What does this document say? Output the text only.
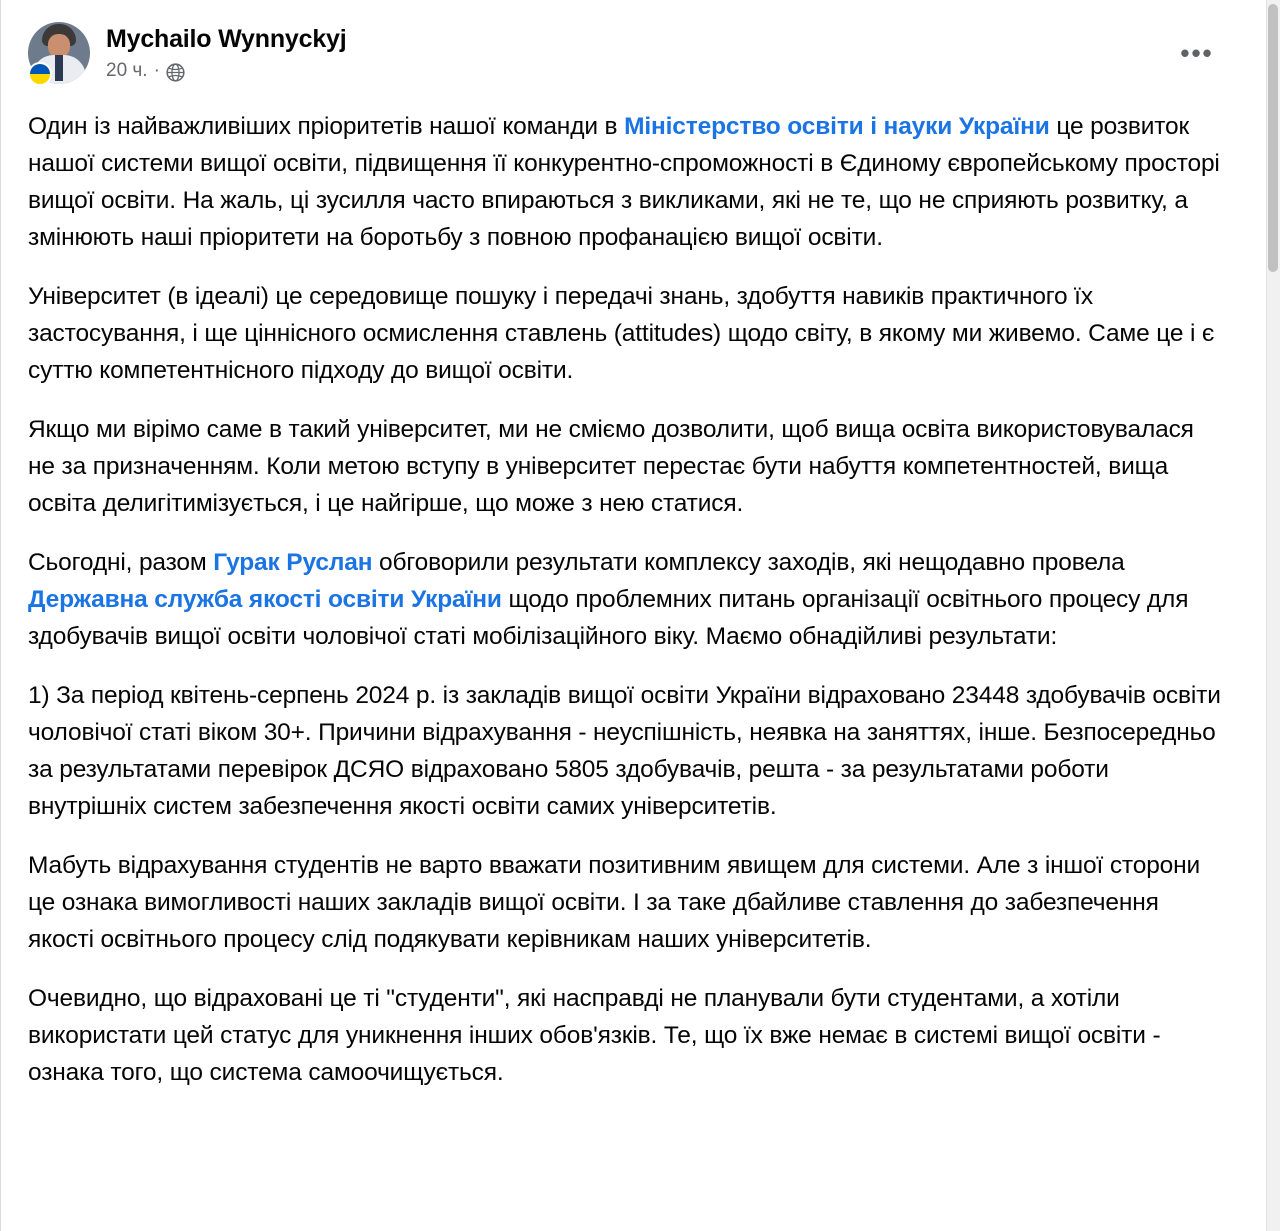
Mychailo Wynnyckyj
20 ч. ·
•••

Один із найважливіших пріоритетів нашої команди в Міністерство освіти і науки України це розвиток нашої системи вищої освіти, підвищення її конкурентно-спроможності в Єдиному європейському просторі вищої освіти. На жаль, ці зусилля часто впираються з викликами, які не те, що не сприяють розвитку, а змінюють наші пріоритети на боротьбу з повною профанацією вищої освіти.

Університет (в ідеалі) це середовище пошуку і передачі знань, здобуття навиків практичного їх застосування, і ще ціннісного осмислення ставлень (attitudes) щодо світу, в якому ми живемо. Саме це і є суттю компетентнісного підходу до вищої освіти.

Якщо ми вірімо саме в такий університет, ми не сміємо дозволити, щоб вища освіта використовувалася не за призначенням. Коли метою вступу в університет перестає бути набуття компетентностей, вища освіта делигітимізується, і це найгірше, що може з нею статися.

Сьогодні, разом Гурак Руслан обговорили результати комплексу заходів, які нещодавно провела Державна служба якості освіти України щодо проблемних питань організації освітнього процесу для здобувачів вищої освіти чоловічої статі мобілізаційного віку. Маємо обнадійливі результати:

1) За період квітень-серпень 2024 р. із закладів вищої освіти України відраховано 23448 здобувачів освіти чоловічої статі віком 30+. Причини відрахування - неуспішність, неявка на заняттях, інше. Безпосередньо за результатами перевірок ДСЯО відраховано 5805 здобувачів, решта - за результатами роботи внутрішніх систем забезпечення якості освіти самих університетів.

Мабуть відрахування студентів не варто вважати позитивним явищем для системи. Але з іншої сторони це ознака вимогливості наших закладів вищої освіти. І за таке дбайливе ставлення до забезпечення якості освітнього процесу слід подякувати керівникам наших університетів.

Очевидно, що відраховані це ті "студенти", які насправді не планували бути студентами, а хотіли використати цей статус для уникнення інших обов'язків. Те, що їх вже немає в системі вищої освіти - ознака того, що система самоочищується.
